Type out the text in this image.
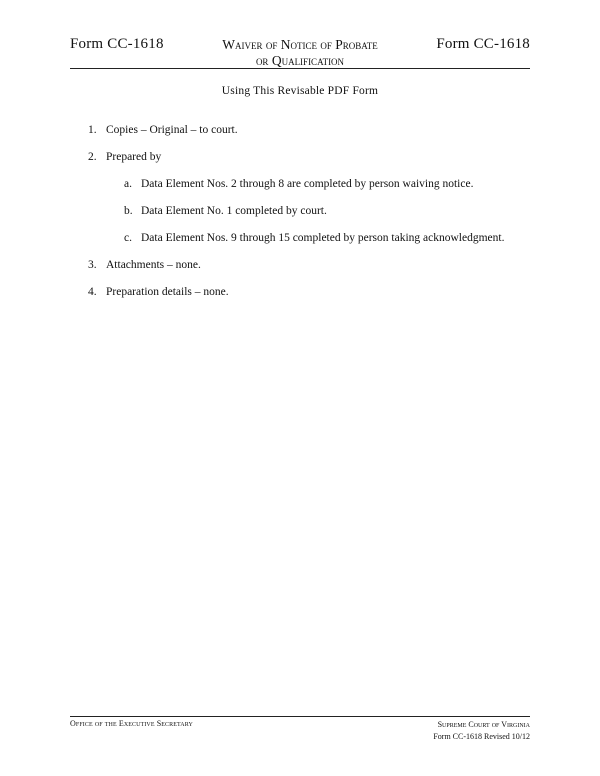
Form CC-1618	Waiver of Notice of Probate
or Qualification
Form CC-1618
Using This Revisable PDF Form
1. Copies – Original – to court.
2. Prepared by
a. Data Element Nos. 2 through 8 are completed by person waiving notice.
b. Data Element No. 1 completed by court.
c. Data Element Nos. 9 through 15 completed by person taking acknowledgment.
3. Attachments – none.
4. Preparation details – none.
Office of the Executive Secretary	Supreme Court of Virginia
Form CC-1618 Revised 10/12
